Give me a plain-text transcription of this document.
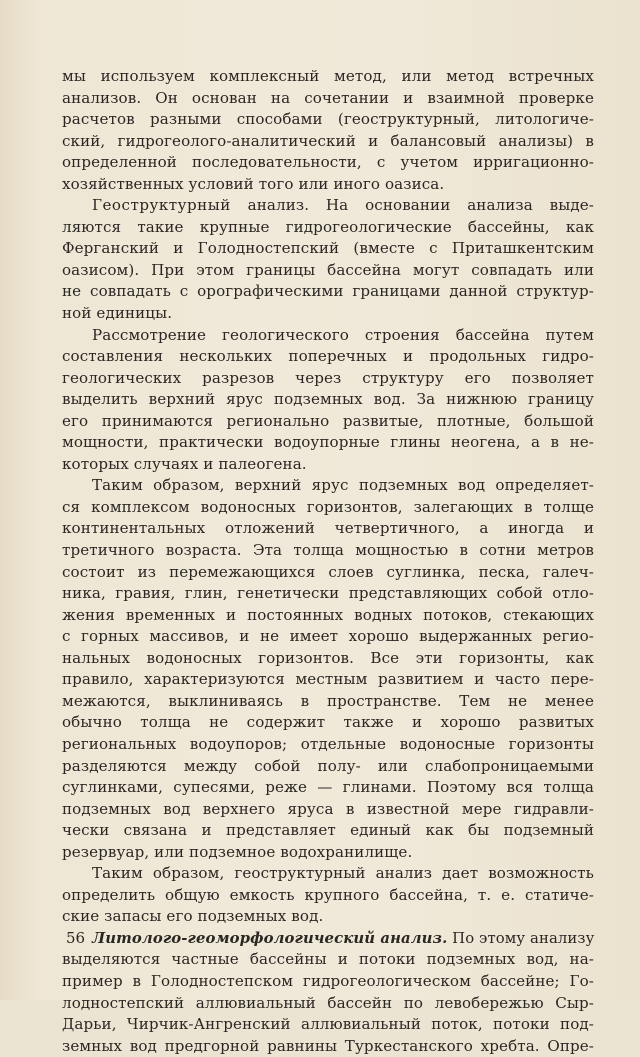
мы используем комплексный метод, или метод встречных
анализов. Он основан на сочетании и взаимной проверке
расчетов разными способами (геоструктурный, литологиче-
ский, гидрогеолого-аналитический и балансовый анализы) в
определенной последовательности, с учетом ирригационно-
хозяйственных условий того или иного оазиса.
Геоструктурный анализ. На основании анализа выде-
ляются такие крупные гидрогеологические бассейны, как
Ферганский и Голодностепский (вместе с Приташкентским
оазисом). При этом границы бассейна могут совпадать или
не совпадать с орографическими границами данной структур-
ной единицы.
Рассмотрение геологического строения бассейна путем
составления нескольких поперечных и продольных гидро-
геологических разрезов через структуру его позволяет
выделить верхний ярус подземных вод. За нижнюю границу
его принимаются регионально развитые, плотные, большой
мощности, практически водоупорные глины неогена, а в не-
которых случаях и палеогена.
Таким образом, верхний ярус подземных вод определяет-
ся комплексом водоносных горизонтов, залегающих в толще
континентальных отложений четвертичного, а иногда и
третичного возраста. Эта толща мощностью в сотни метров
состоит из перемежающихся слоев суглинка, песка, галеч-
ника, гравия, глин, генетически представляющих собой отло-
жения временных и постоянных водных потоков, стекающих
с горных массивов, и не имеет хорошо выдержанных регио-
нальных водоносных горизонтов. Все эти горизонты, как
правило, характеризуются местным развитием и часто пере-
межаются, выклиниваясь в пространстве. Тем не менее
обычно толща не содержит также и хорошо развитых
региональных водоупоров; отдельные водоносные горизонты
разделяются между собой полу- или слабопроницаемыми
суглинками, супесями, реже — глинами. Поэтому вся толща
подземных вод верхнего яруса в известной мере гидравли-
чески связана и представляет единый как бы подземный
резервуар, или подземное водохранилище.
Таким образом, геоструктурный анализ дает возможность
определить общую емкость крупного бассейна, т. е. статиче-
ские запасы его подземных вод.
Литолого-геоморфологический анализ. По этому анализу
выделяются частные бассейны и потоки подземных вод, на-
пример в Голодностепском гидрогеологическом бассейне; Го-
лодностепский аллювиальный бассейн по левобережью Сыр-
Дарьи, Чирчик-Ангренский аллювиальный поток, потоки под-
земных вод предгорной равнины Туркестанского хребта. Опре-
56
